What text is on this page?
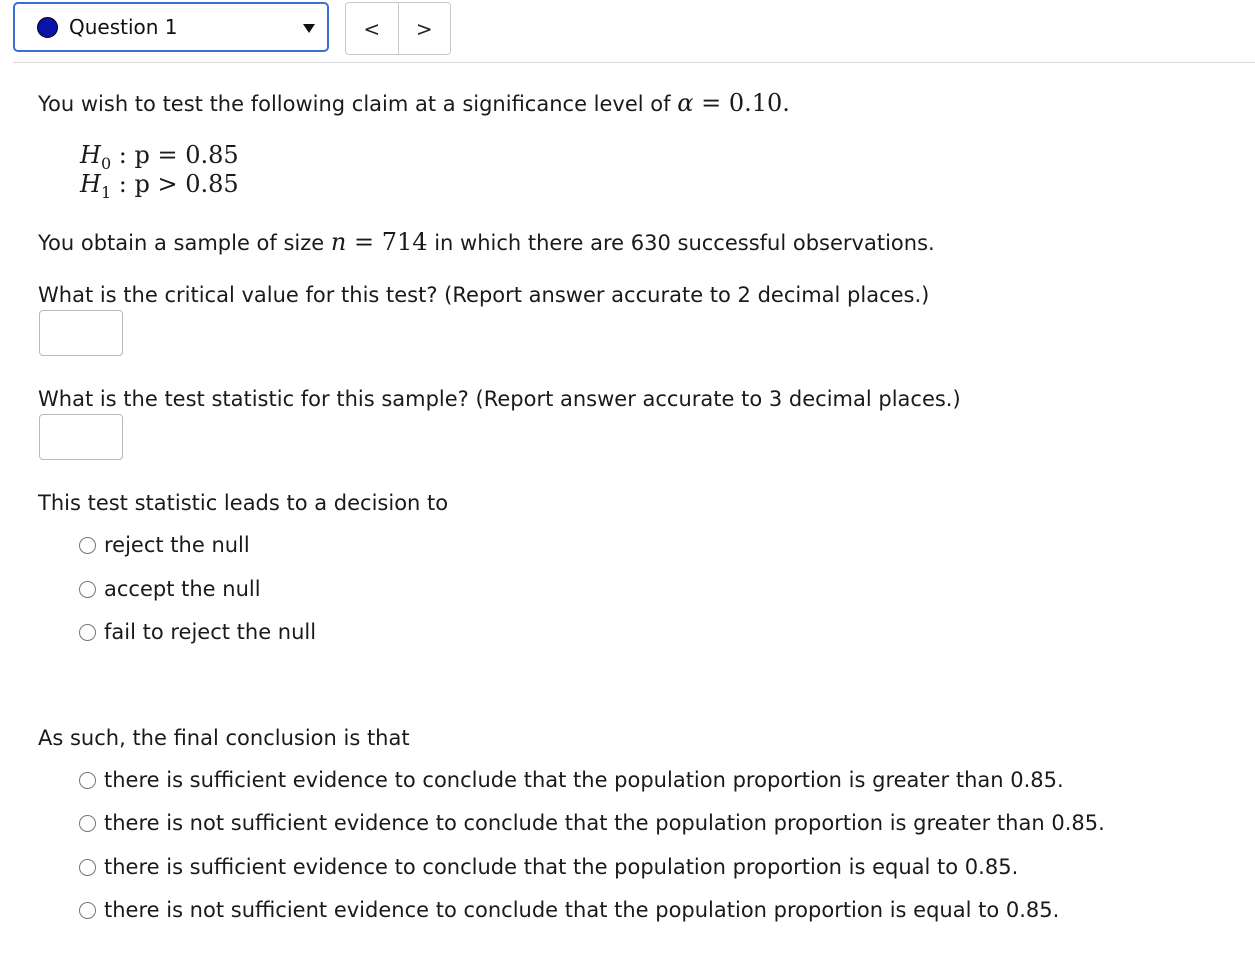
Question 1	<	>
You wish to test the following claim at a significance level of α = 0.10.
$H_0$ : p = 0.85
$H_1$ : p > 0.85
You obtain a sample of size n = 714 in which there are 630 successful observations.
What is the critical value for this test? (Report answer accurate to 2 decimal places.)
What is the test statistic for this sample? (Report answer accurate to 3 decimal places.)
This test statistic leads to a decision to
reject the null
accept the null
fail to reject the null
As such, the final conclusion is that
there is sufficient evidence to conclude that the population proportion is greater than 0.85.
there is not sufficient evidence to conclude that the population proportion is greater than 0.85.
there is sufficient evidence to conclude that the population proportion is equal to 0.85.
there is not sufficient evidence to conclude that the population proportion is equal to 0.85.
